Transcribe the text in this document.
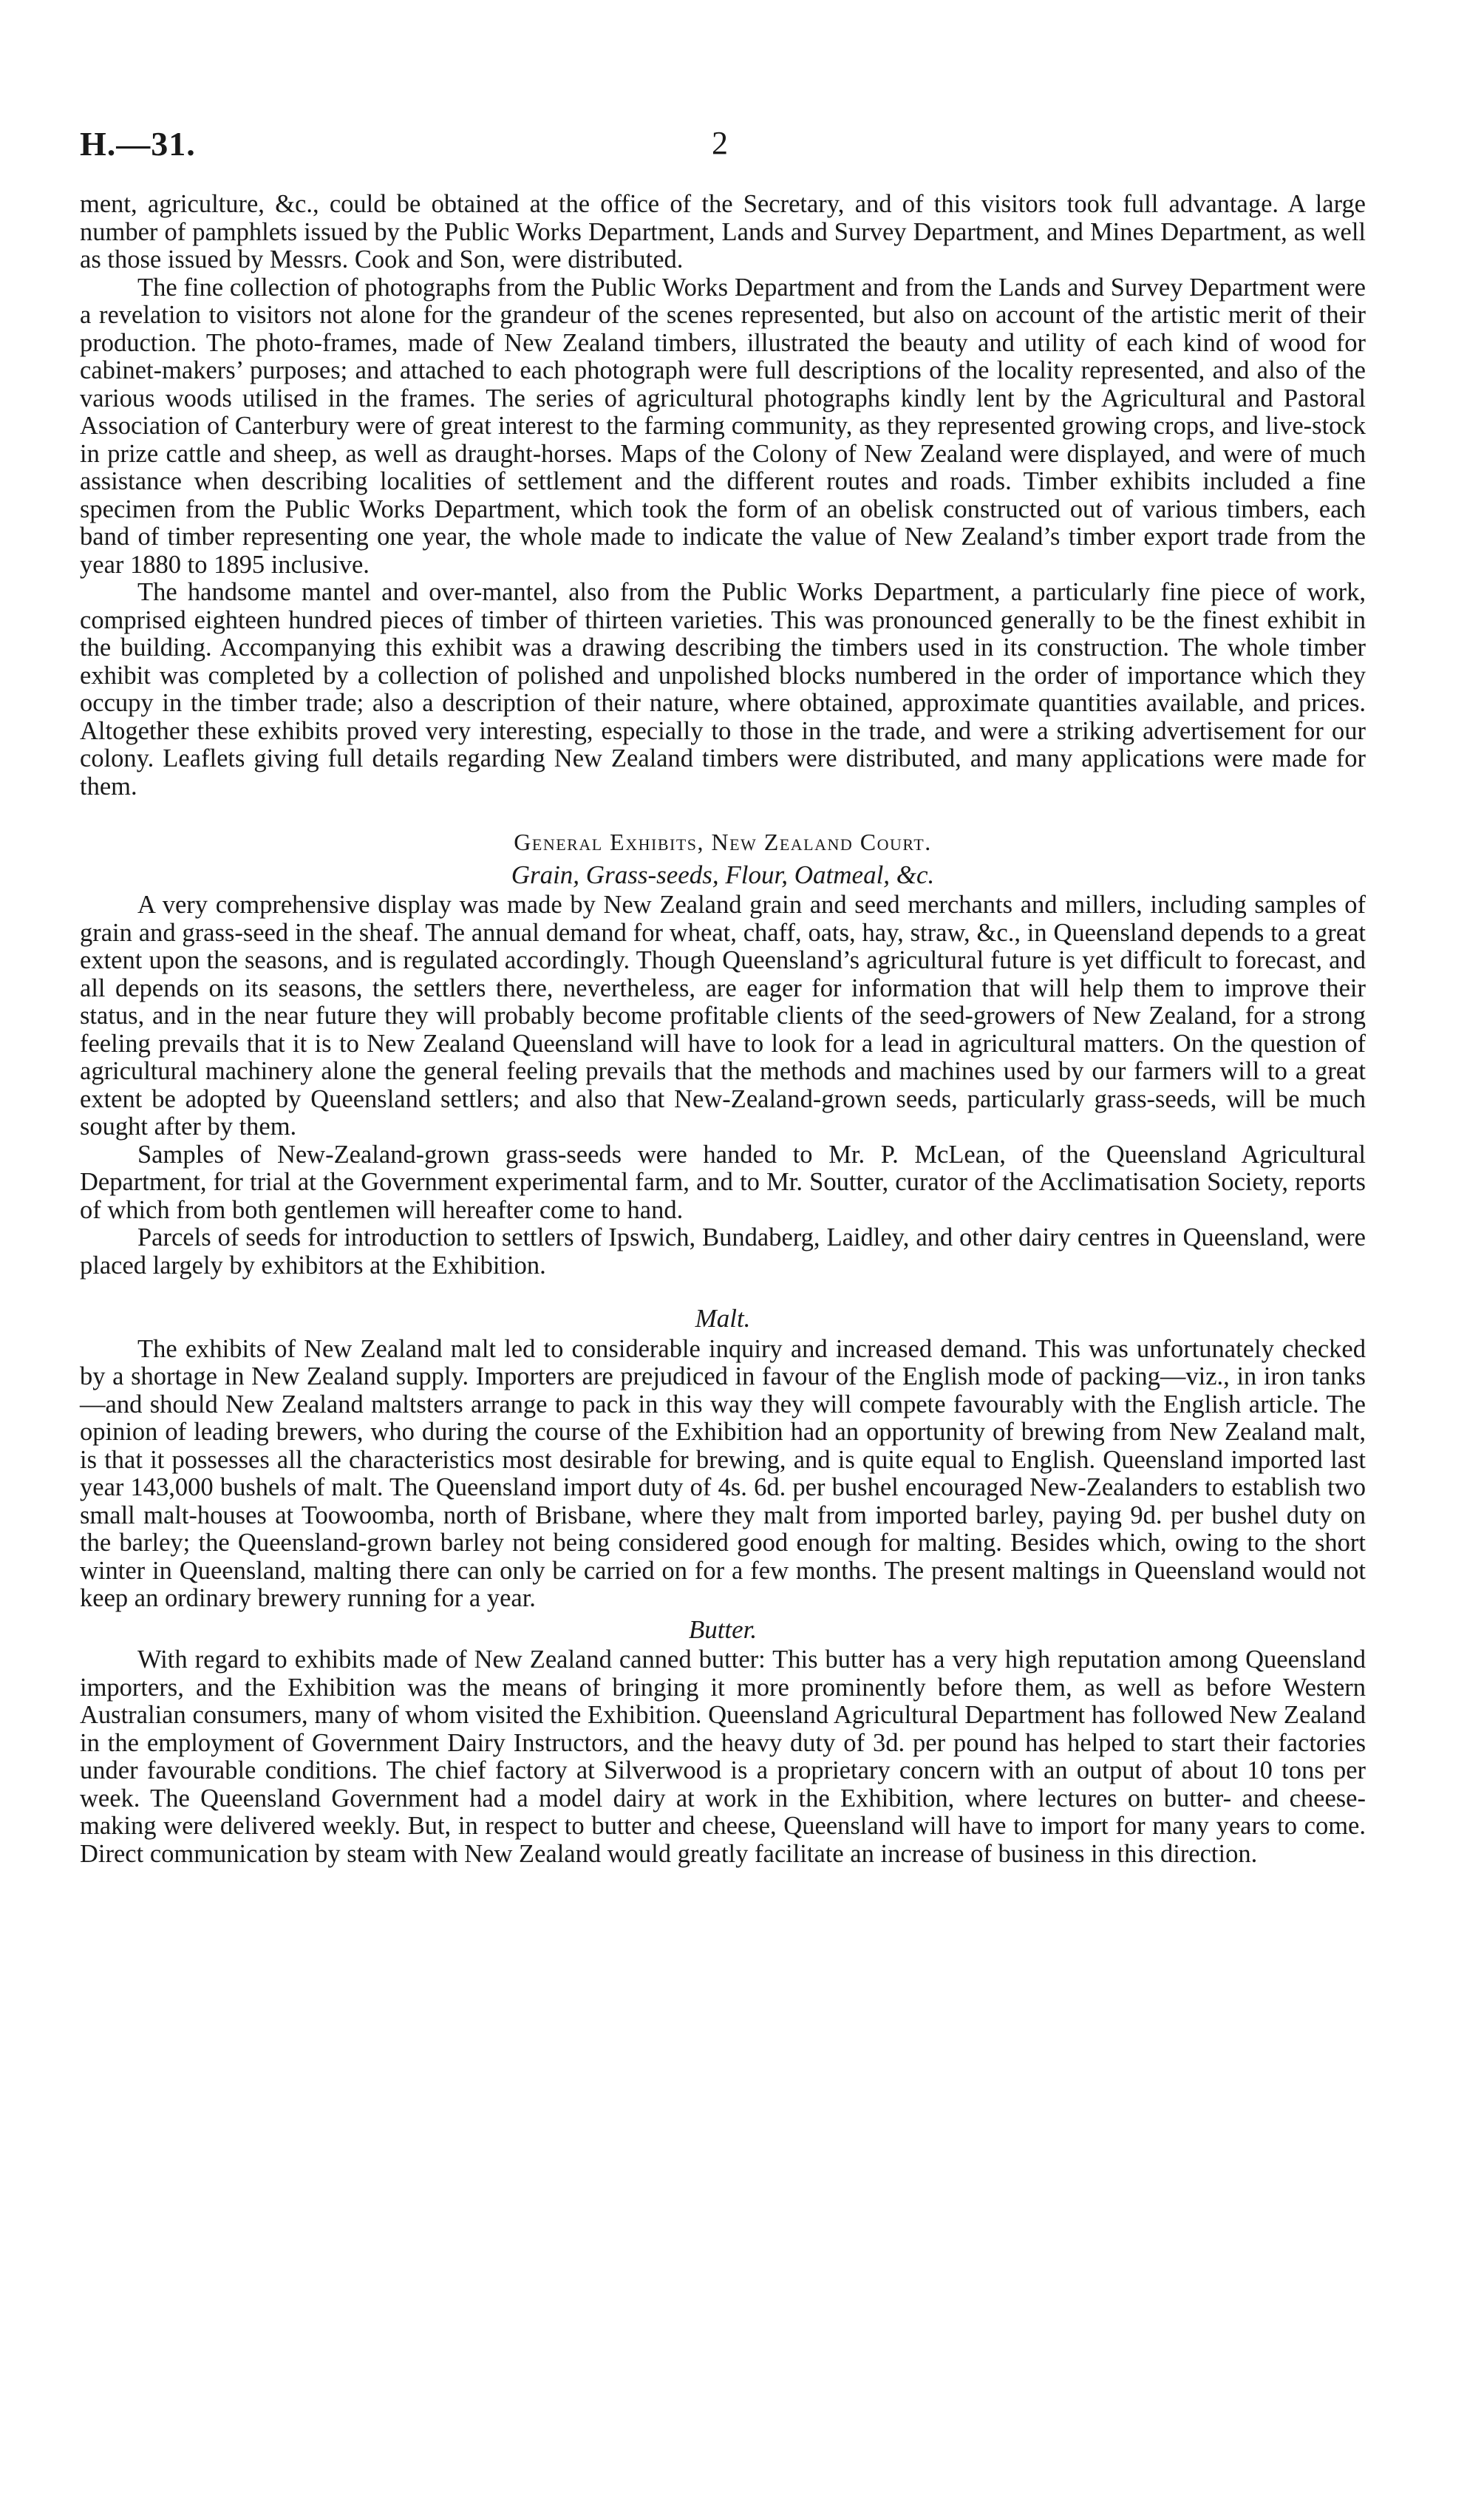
H.—31.	2

ment, agriculture, &c., could be obtained at the office of the Secretary, and of this visitors took full advantage. A large number of pamphlets issued by the Public Works Department, Lands and Survey Department, and Mines Department, as well as those issued by Messrs. Cook and Son, were distributed.

The fine collection of photographs from the Public Works Department and from the Lands and Survey Department were a revelation to visitors not alone for the grandeur of the scenes represented, but also on account of the artistic merit of their production. The photo-frames, made of New Zealand timbers, illustrated the beauty and utility of each kind of wood for cabinet-makers’ purposes; and attached to each photograph were full descriptions of the locality represented, and also of the various woods utilised in the frames. The series of agricultural photographs kindly lent by the Agricultural and Pastoral Association of Canterbury were of great interest to the farming community, as they represented growing crops, and live-stock in prize cattle and sheep, as well as draught-horses. Maps of the Colony of New Zealand were displayed, and were of much assistance when describing localities of settlement and the different routes and roads. Timber exhibits included a fine specimen from the Public Works Department, which took the form of an obelisk constructed out of various timbers, each band of timber representing one year, the whole made to indicate the value of New Zealand’s timber export trade from the year 1880 to 1895 inclusive.

The handsome mantel and over-mantel, also from the Public Works Department, a particularly fine piece of work, comprised eighteen hundred pieces of timber of thirteen varieties. This was pronounced generally to be the finest exhibit in the building. Accompanying this exhibit was a drawing describing the timbers used in its construction. The whole timber exhibit was completed by a collection of polished and unpolished blocks numbered in the order of importance which they occupy in the timber trade; also a description of their nature, where obtained, approximate quantities available, and prices. Altogether these exhibits proved very interesting, especially to those in the trade, and were a striking advertisement for our colony. Leaflets giving full details regarding New Zealand timbers were distributed, and many applications were made for them.

General Exhibits, New Zealand Court.
Grain, Grass-seeds, Flour, Oatmeal, &c.

A very comprehensive display was made by New Zealand grain and seed merchants and millers, including samples of grain and grass-seed in the sheaf. The annual demand for wheat, chaff, oats, hay, straw, &c., in Queensland depends to a great extent upon the seasons, and is regulated accordingly. Though Queensland’s agricultural future is yet difficult to forecast, and all depends on its seasons, the settlers there, nevertheless, are eager for information that will help them to improve their status, and in the near future they will probably become profitable clients of the seed-growers of New Zealand, for a strong feeling prevails that it is to New Zealand Queensland will have to look for a lead in agricultural matters. On the question of agricultural machinery alone the general feeling prevails that the methods and machines used by our farmers will to a great extent be adopted by Queensland settlers; and also that New-Zealand-grown seeds, particularly grass-seeds, will be much sought after by them.

Samples of New-Zealand-grown grass-seeds were handed to Mr. P. McLean, of the Queensland Agricultural Department, for trial at the Government experimental farm, and to Mr. Soutter, curator of the Acclimatisation Society, reports of which from both gentlemen will hereafter come to hand.

Parcels of seeds for introduction to settlers of Ipswich, Bundaberg, Laidley, and other dairy centres in Queensland, were placed largely by exhibitors at the Exhibition.

Malt.

The exhibits of New Zealand malt led to considerable inquiry and increased demand. This was unfortunately checked by a shortage in New Zealand supply. Importers are prejudiced in favour of the English mode of packing—viz., in iron tanks—and should New Zealand maltsters arrange to pack in this way they will compete favourably with the English article. The opinion of leading brewers, who during the course of the Exhibition had an opportunity of brewing from New Zealand malt, is that it possesses all the characteristics most desirable for brewing, and is quite equal to English. Queensland imported last year 143,000 bushels of malt. The Queensland import duty of 4s. 6d. per bushel encouraged New-Zealanders to establish two small malt-houses at Toowoomba, north of Brisbane, where they malt from imported barley, paying 9d. per bushel duty on the barley; the Queensland-grown barley not being considered good enough for malting. Besides which, owing to the short winter in Queensland, malting there can only be carried on for a few months. The present maltings in Queensland would not keep an ordinary brewery running for a year.

Butter.

With regard to exhibits made of New Zealand canned butter: This butter has a very high reputation among Queensland importers, and the Exhibition was the means of bringing it more prominently before them, as well as before Western Australian consumers, many of whom visited the Exhibition. Queensland Agricultural Department has followed New Zealand in the employment of Government Dairy Instructors, and the heavy duty of 3d. per pound has helped to start their factories under favourable conditions. The chief factory at Silverwood is a proprietary concern with an output of about 10 tons per week. The Queensland Government had a model dairy at work in the Exhibition, where lectures on butter- and cheese-making were delivered weekly. But, in respect to butter and cheese, Queensland will have to import for many years to come. Direct communication by steam with New Zealand would greatly facilitate an increase of business in this direction.
